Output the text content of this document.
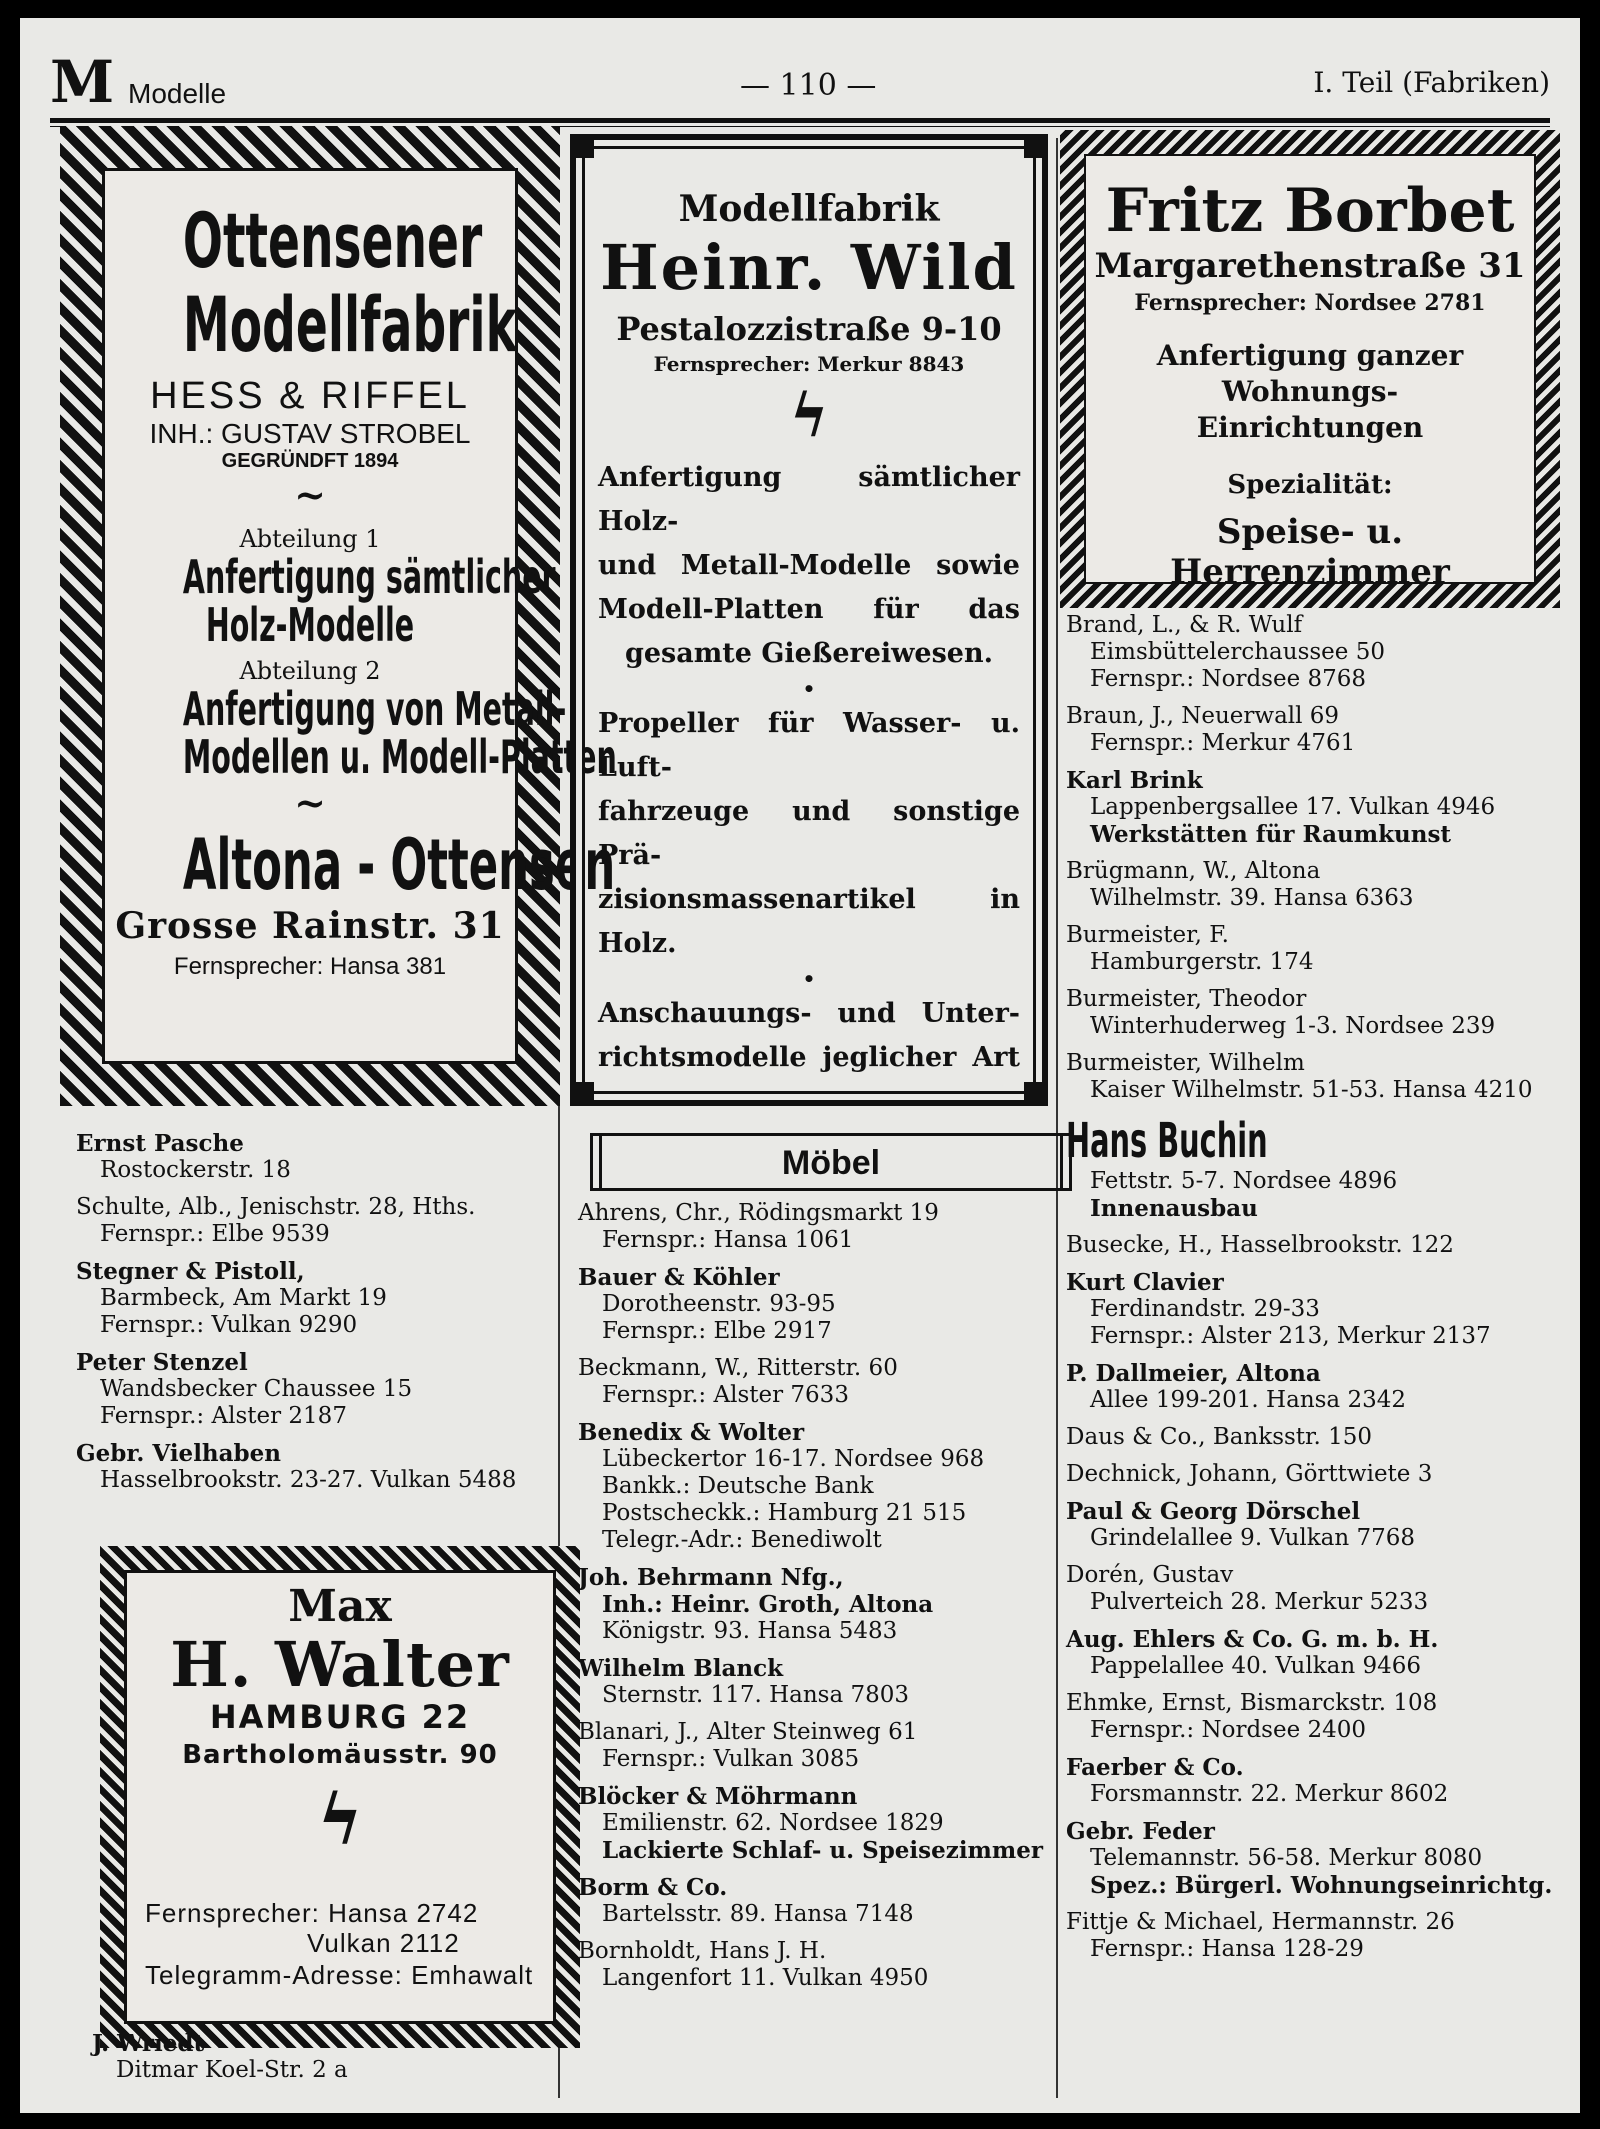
M Modelle	— 110 —	I. Teil (Fabriken)
Ottensener
Modellfabrik
HESS & RIFFEL
INH.: GUSTAV STROBEL
GEGRÜNDFT 1894
~
Abteilung 1
Anfertigung sämtlicher
Holz-Modelle
Abteilung 2
Anfertigung von Metall-
Modellen u. Modell-Platten
~
Altona - Ottensen
Grosse Rainstr. 31
Fernsprecher: Hansa 381
Modellfabrik
Heinr. Wild
Pestalozzistraße 9-10
Fernsprecher: Merkur 8843
ϟ
Anfertigung sämtlicher Holz-
und Metall-Modelle sowie
Modell-Platten für das
gesamte Gießereiwesen.
•
Propeller für Wasser- u. Luft-
fahrzeuge und sonstige Prä-
zisionsmassenartikel in Holz.
•
Anschauungs- und Unter-
richtsmodelle jeglicher Art
Fritz Borbet
Margarethenstraße 31
Fernsprecher: Nordsee 2781
Anfertigung ganzer
Wohnungs-
Einrichtungen
Spezialität:
Speise- u. Herrenzimmer
Möbel
Max
H. Walter
HAMBURG 22
Bartholomäusstr. 90
ϟ
Fernsprecher: Hansa 2742
Vulkan 2112
Telegramm-Adresse: Emhawalt
Ernst Pasche
Rostockerstr. 18
Schulte, Alb., Jenischstr. 28, Hths.
Fernspr.: Elbe 9539
Stegner & Pistoll,
Barmbeck, Am Markt 19
Fernspr.: Vulkan 9290
Peter Stenzel
Wandsbecker Chaussee 15
Fernspr.: Alster 2187
Gebr. Vielhaben
Hasselbrookstr. 23-27. Vulkan 5488
J. Wriedt
Ditmar Koel-Str. 2 a
Ahrens, Chr., Rödingsmarkt 19
Fernspr.: Hansa 1061
Bauer & Köhler
Dorotheenstr. 93-95
Fernspr.: Elbe 2917
Beckmann, W., Ritterstr. 60
Fernspr.: Alster 7633
Benedix & Wolter
Lübeckertor 16-17. Nordsee 968
Bankk.: Deutsche Bank
Postscheckk.: Hamburg 21 515
Telegr.-Adr.: Benediwolt
Joh. Behrmann Nfg.,
Inh.: Heinr. Groth, Altona
Königstr. 93. Hansa 5483
Wilhelm Blanck
Sternstr. 117. Hansa 7803
Blanari, J., Alter Steinweg 61
Fernspr.: Vulkan 3085
Blöcker & Möhrmann
Emilienstr. 62. Nordsee 1829
Lackierte Schlaf- u. Speisezimmer
Borm & Co.
Bartelsstr. 89. Hansa 7148
Bornholdt, Hans J. H.
Langenfort 11. Vulkan 4950
Brand, L., & R. Wulf
Eimsbüttelerchaussee 50
Fernspr.: Nordsee 8768
Braun, J., Neuerwall 69
Fernspr.: Merkur 4761
Karl Brink
Lappenbergsallee 17. Vulkan 4946
Werkstätten für Raumkunst
Brügmann, W., Altona
Wilhelmstr. 39. Hansa 6363
Burmeister, F.
Hamburgerstr. 174
Burmeister, Theodor
Winterhuderweg 1-3. Nordsee 239
Burmeister, Wilhelm
Kaiser Wilhelmstr. 51-53. Hansa 4210
Hans Buchin
Fettstr. 5-7. Nordsee 4896
Innenausbau
Busecke, H., Hasselbrookstr. 122
Kurt Clavier
Ferdinandstr. 29-33
Fernspr.: Alster 213, Merkur 2137
P. Dallmeier, Altona
Allee 199-201. Hansa 2342
Daus & Co., Banksstr. 150
Dechnick, Johann, Görttwiete 3
Paul & Georg Dörschel
Grindelallee 9. Vulkan 7768
Dorén, Gustav
Pulverteich 28. Merkur 5233
Aug. Ehlers & Co. G. m. b. H.
Pappelallee 40. Vulkan 9466
Ehmke, Ernst, Bismarckstr. 108
Fernspr.: Nordsee 2400
Faerber & Co.
Forsmannstr. 22. Merkur 8602
Gebr. Feder
Telemannstr. 56-58. Merkur 8080
Spez.: Bürgerl. Wohnungseinrichtg.
Fittje & Michael, Hermannstr. 26
Fernspr.: Hansa 128-29
